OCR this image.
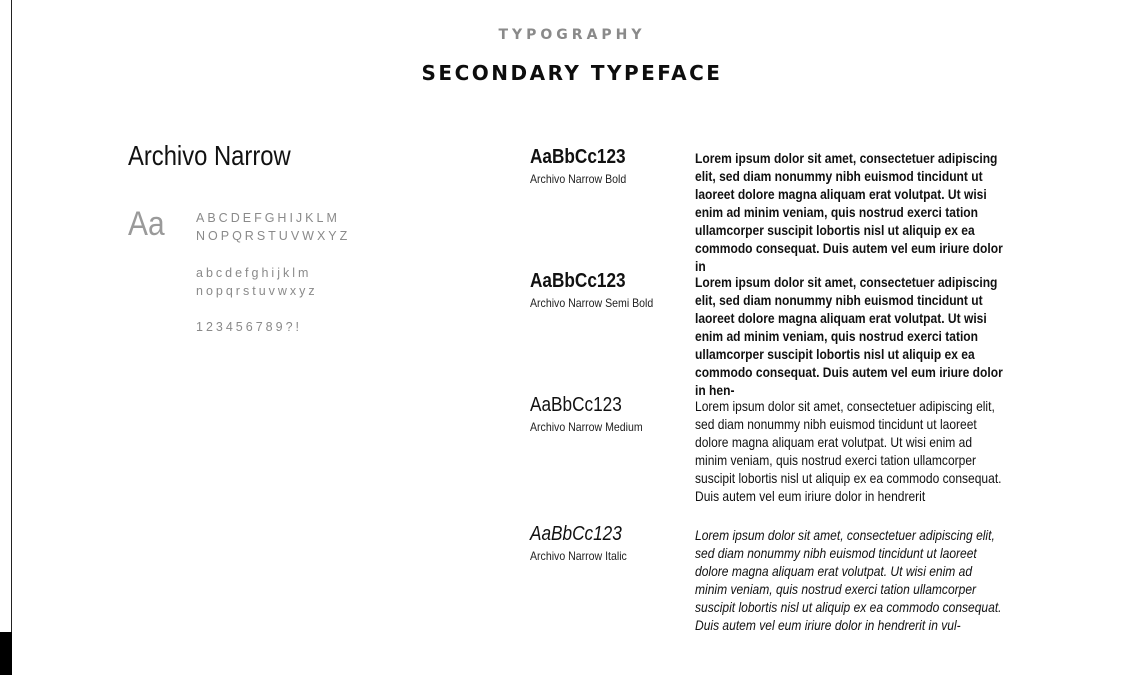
TYPOGRAPHY
SECONDARY TYPEFACE
Archivo Narrow
Aa	ABCDEFGHIJKLM
NOPQRSTUVWXYZ
abcdefghijklm
nopqrstuvwxyz
123456789?!
AaBbCc123
Archivo Narrow Bold
Lorem ipsum dolor sit amet, consectetuer adipiscing elit, sed diam nonummy nibh euismod tincidunt ut laoreet dolore magna aliquam erat volutpat. Ut wisi enim ad minim veniam, quis nostrud exerci tation ullamcorper suscipit lobortis nisl ut aliquip ex ea commodo consequat. Duis autem vel eum iriure dolor in
AaBbCc123
Archivo Narrow Semi Bold
Lorem ipsum dolor sit amet, consectetuer adipiscing elit, sed diam nonummy nibh euismod tincidunt ut laoreet dolore magna aliquam erat volutpat. Ut wisi enim ad minim veniam, quis nostrud exerci tation ullamcorper suscipit lobortis nisl ut aliquip ex ea commodo consequat. Duis autem vel eum iriure dolor in hen-
AaBbCc123
Archivo Narrow Medium
Lorem ipsum dolor sit amet, consectetuer adipiscing elit, sed diam nonummy nibh euismod tincidunt ut laoreet dolore magna aliquam erat volutpat. Ut wisi enim ad minim veniam, quis nostrud exerci tation ullamcorper suscipit lobortis nisl ut aliquip ex ea commodo consequat. Duis autem vel eum iriure dolor in hendrerit
AaBbCc123
Archivo Narrow Italic
Lorem ipsum dolor sit amet, consectetuer adipiscing elit, sed diam nonummy nibh euismod tincidunt ut laoreet dolore magna aliquam erat volutpat. Ut wisi enim ad minim veniam, quis nostrud exerci tation ullamcorper suscipit lobortis nisl ut aliquip ex ea commodo consequat. Duis autem vel eum iriure dolor in hendrerit in vul-
